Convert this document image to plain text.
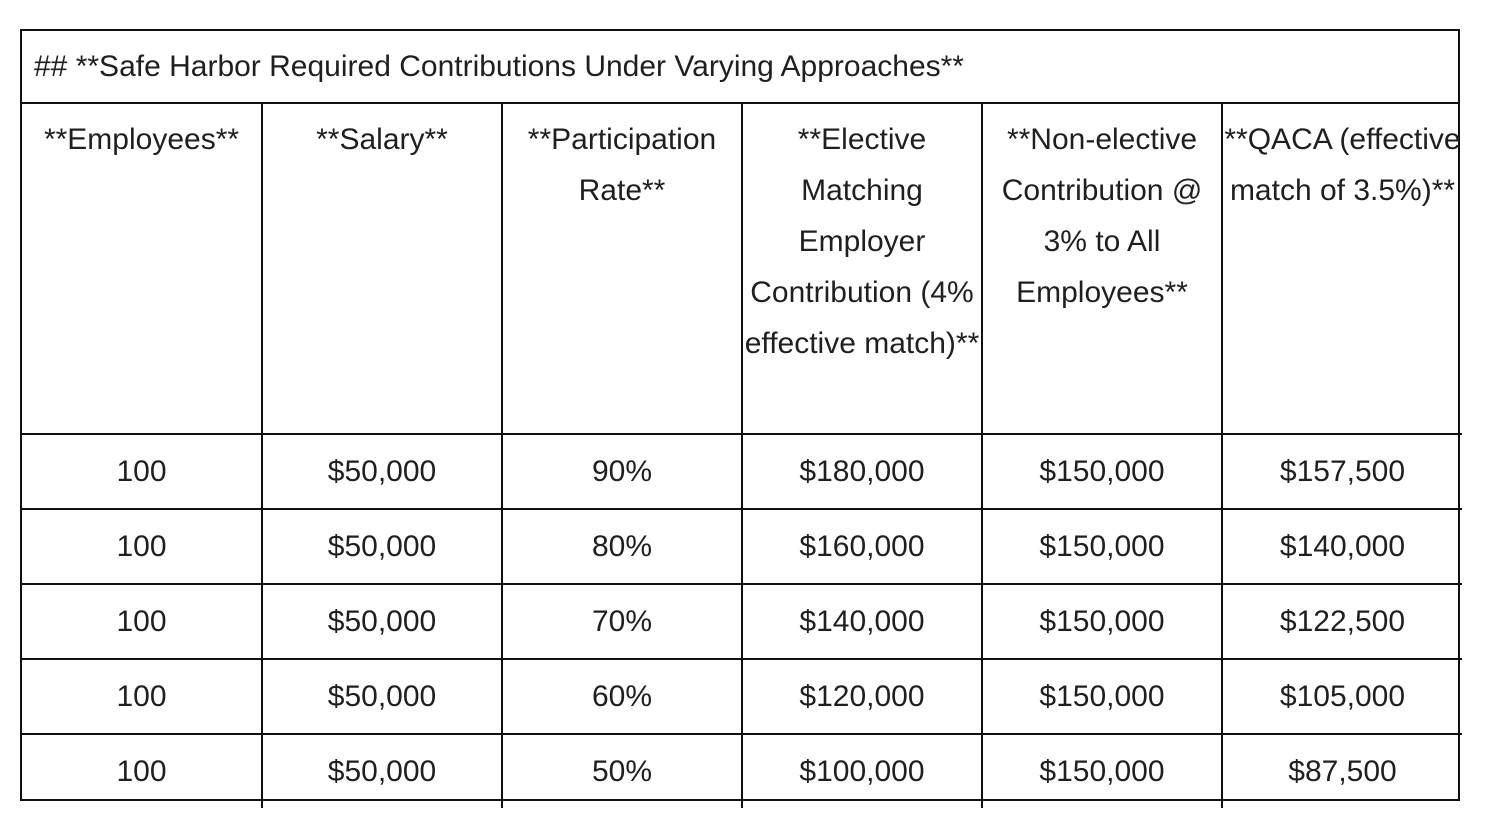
## **Safe Harbor Required Contributions Under Varying Approaches**
**Employees**	**Salary**	**Participation Rate**	**Elective Matching Employer Contribution (4% effective match)**	**Non-elective Contribution @ 3% to All Employees**	**QACA (effective match of 3.5%)**
100	$50,000	90%	$180,000	$150,000	$157,500
100	$50,000	80%	$160,000	$150,000	$140,000
100	$50,000	70%	$140,000	$150,000	$122,500
100	$50,000	60%	$120,000	$150,000	$105,000
100	$50,000	50%	$100,000	$150,000	$87,500
